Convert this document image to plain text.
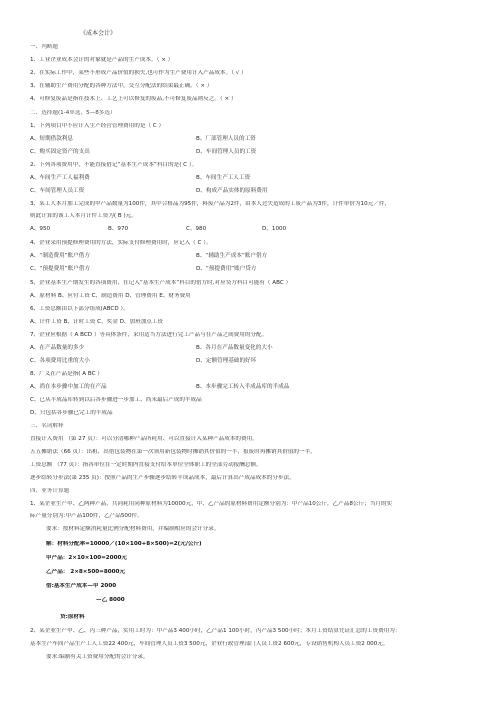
《成本会计》
一、判断题
1、工业企业成本会计的对象就是产品的生产成本。（ × ）
2、在实际工作中，某些不形成产品价值的损失,也可作为生产费用计入产品成本。（ √ ）
3、在辅助生产费用分配的各种方法中，交互分配法的结果最正确。（ × ）
4、可修复废品是指在技术上、工艺上可以修复的废品,不可修复废品则反之。（ × ）
二、选择题(1-4单选，5—8多选）
1、下列项目中不应计入生产经营管理费用的是（ C ）
A、短期借款利息	B、厂部管理人员的工资
C、购买固定资产的支出	D、车间管理人员的工资
2、下列各项费用中，不能直接借记“基本生产成本”科目的是( C ）。
A、车间生产工人福利费	B、车间生产工人工资
C、车间管理人员工资	D、构成产品实体的原料费用
3、某工人本月加工完成的甲产品数量为100件，其中合格品为95件，料废产品为2件，由本人过失造成的工废产品为3件，计件单价为10元／件，
则此计算的该工人本月计件工资为( B )元。
A、950	B、970	C、980	D、1000
4、企业采用预提修理费用的方法，实际支付修理费用时，应记入（ C ）。
A、“制造费用”账户借方	B、“辅助生产成本”账户借方
C、“预提费用”账户借方	D、“预提费用”账户贷方
5、企业基本生产期发生的各项费用，在记入“基本生产成本”科目的借方时,对应贷方科目可能有（ ABC ）
A、原材料 B、应付工资 C、制造费用 D、管理费用 E、财务费用
6、工资总额由以下部分组成(ABCD ）。
A、计件工资 B、计时工资 C、奖金 D、加班加点工资
7、企业应根据（ A BCD ）等具体条件，采用适当方法进行完工产品与在产品之间费用的分配。
A、在产品数量的多少	B、各月在产品数量变化的大小
C、各项费用比重的大小	D、定额管理基础的好坏
8、广义在产品是指( A BC ）
A、尚在本步骤中加工的在产品	B、本步骤完工转入半成品库的半成品
C、已从半成品库转到以后各步骤进一步加工、尚未最后产成的半成品
D、只包括各步骤已完工的半成品
三、名词解释
直接计入费用 （第 27 页）：可以分清哪种产品所耗用、可以直接计入某种产品成本的费用。
五五摊销法（66 页）：出租、出借包装物在第一次领用新包装物时摊销其价值的一半，报废时再摊销其价值的一半。
工资总额 （77 页）：指各单位在一定时期内直接支付给本单位全体职工的全部劳动报酬总额。
逐步结转分步法(第 235 页)：按照产品的生产步骤逐步结转半成品成本，最后计算出产成品成本的分步法。
四、业务计算题
1、某企业生产甲、乙两种产品，共同耗用同种原材料为10000元，甲、乙产品的原材料费用定额分别为：甲产品10公斤，乙产品8公斤；当月的实
际产量分别为:甲产品100件，乙产品500件。
要求：按材料定额消耗量比例分配材料费用，并编制相应的会计分录。
解：材料分配率=10000／(10×100+8×500)=2(元/公斤)
甲产品：2×10×100=2000元
乙产品： 2×8×500=8000元
借:基本生产成本—甲 2000
—乙 8000
贷:原材料
2、某企业生产甲、乙、丙三种产品，实用工时为：甲产品3 400小时，乙产品1 100小时，丙产品3 500小时；本月工资结算凭证汇总的工资费用为：
基本生产车间产品生产工人工资22 400元，车间管理人员工资3 500元，企业行政管理部门人员工资2 600元，专设销售机构人员工资2 000元。
要求:编制有关工资费用分配的会计分录。
